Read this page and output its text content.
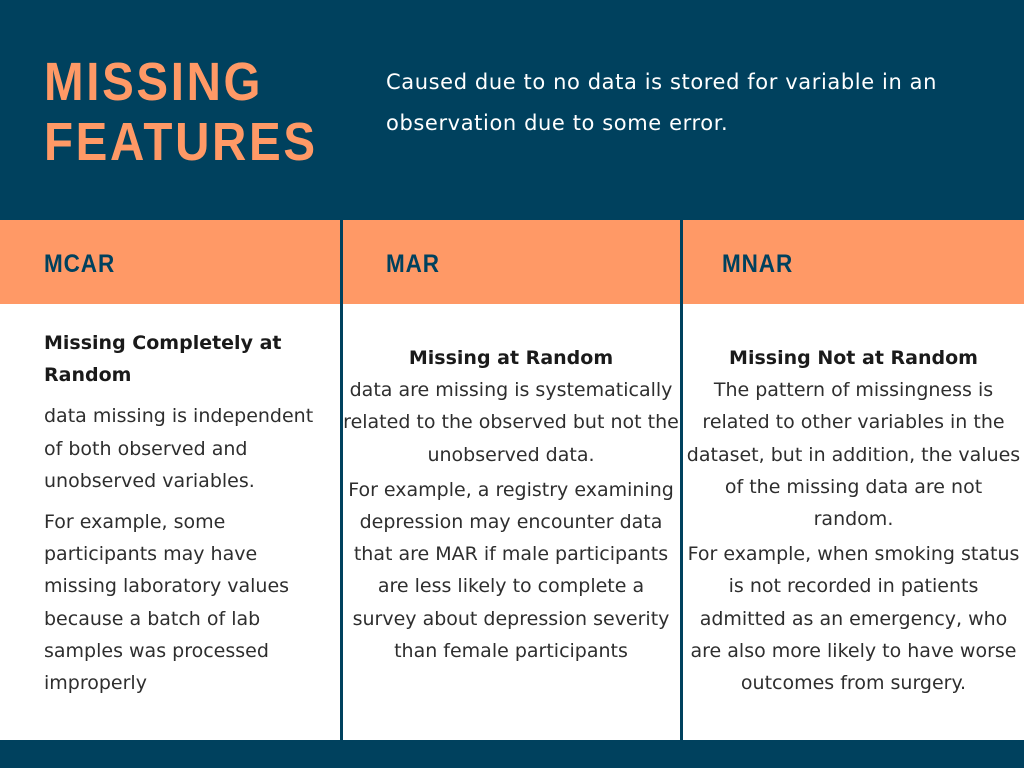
MISSING
FEATURES
Caused due to no data is stored for variable in an observation due to some error.
MCAR	MAR	MNAR
Missing Completely at Random
data missing is independent of both observed and unobserved variables.
For example, some participants may have missing laboratory values because a batch of lab samples was processed improperly
Missing at Random
data are missing is systematically related to the observed but not the unobserved data.
For example, a registry examining depression may encounter data that are MAR if male participants are less likely to complete a survey about depression severity than female participants
Missing Not at Random
The pattern of missingness is related to other variables in the dataset, but in addition, the values of the missing data are not random.
For example, when smoking status is not recorded in patients admitted as an emergency, who are also more likely to have worse outcomes from surgery.
